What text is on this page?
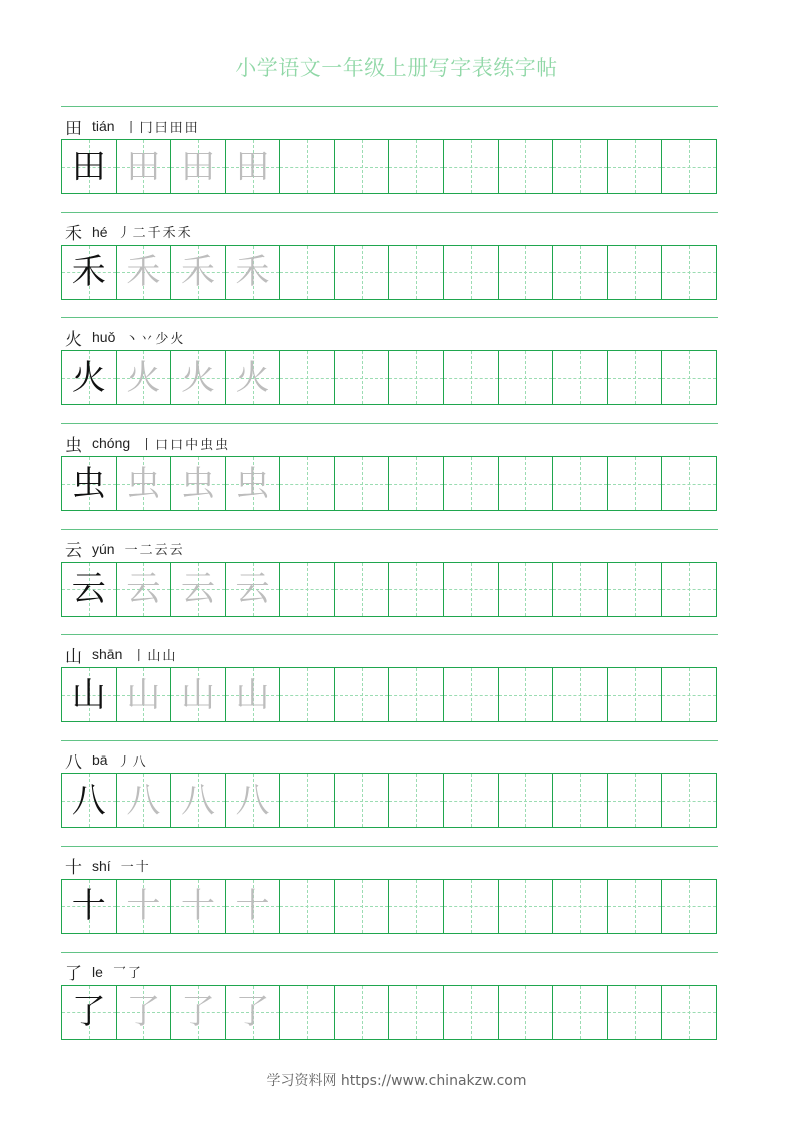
小学语文一年级上册写字表练字帖
田 tián 丨冂曰田田
田 田 田 田
禾 hé 丿二千禾禾
禾 禾 禾 禾
火 huǒ 丶丷少火
火 火 火 火
虫 chóng 丨口口中虫虫
虫 虫 虫 虫
云 yún 一二云云
云 云 云 云
山 shān 丨山山
山 山 山 山
八 bā 丿八
八 八 八 八
十 shí 一十
十 十 十 十
了 le 乛了
了 了 了 了
学习资料网 https://www.chinakzw.com
